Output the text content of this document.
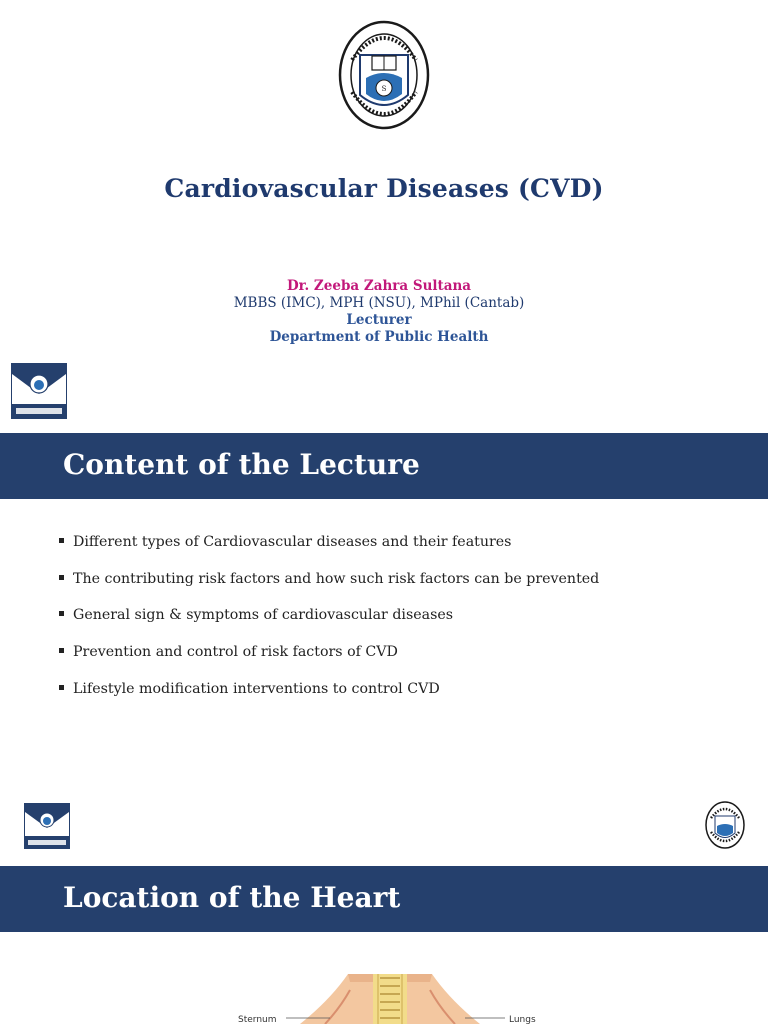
S
Cardiovascular Diseases (CVD)
Dr. Zeeba Zahra Sultana
MBBS (IMC), MPH (NSU), MPhil (Cantab)
Lecturer
Department of Public Health
Content of the Lecture
Different types of Cardiovascular diseases and their features
The contributing risk factors and how such risk factors can be prevented
General sign & symptoms of cardiovascular diseases
Prevention and control of risk factors of CVD
Lifestyle modification interventions to control CVD
Location of the Heart
Sternum	Lungs
